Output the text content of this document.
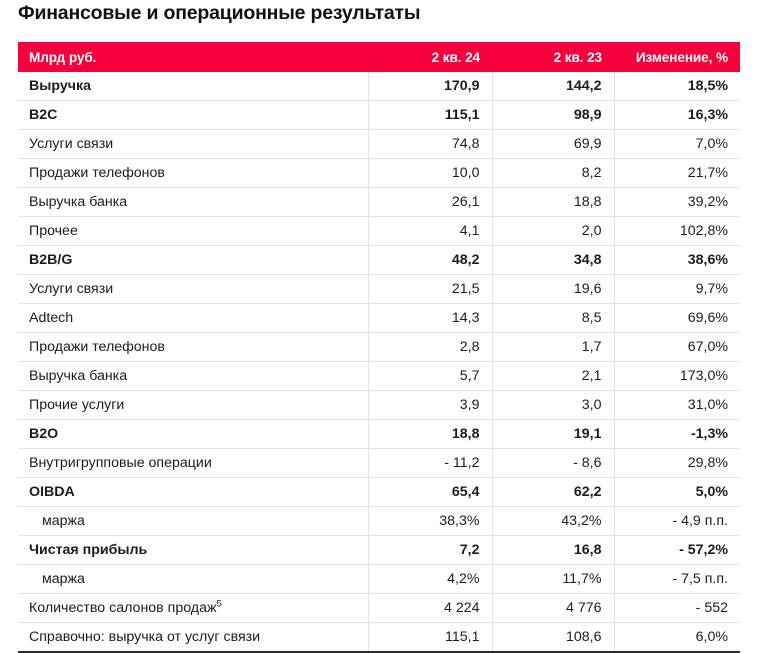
Финансовые и операционные результаты
Млрд руб.	2 кв. 24	2 кв. 23	Изменение, %
Выручка	170,9	144,2	18,5%
B2C	115,1	98,9	16,3%
Услуги связи	74,8	69,9	7,0%
Продажи телефонов	10,0	8,2	21,7%
Выручка банка	26,1	18,8	39,2%
Прочее	4,1	2,0	102,8%
B2B/G	48,2	34,8	38,6%
Услуги связи	21,5	19,6	9,7%
Adtech	14,3	8,5	69,6%
Продажи телефонов	2,8	1,7	67,0%
Выручка банка	5,7	2,1	173,0%
Прочие услуги	3,9	3,0	31,0%
B2O	18,8	19,1	-1,3%
Внутригрупповые операции	- 11,2	- 8,6	29,8%
OIBDA	65,4	62,2	5,0%
маржа	38,3%	43,2%	- 4,9 п.п.
Чистая прибыль	7,2	16,8	- 57,2%
маржа	4,2%	11,7%	- 7,5 п.п.
Количество салонов продаж$^5$	4 224	4 776	- 552
Справочно: выручка от услуг связи	115,1	108,6	6,0%
